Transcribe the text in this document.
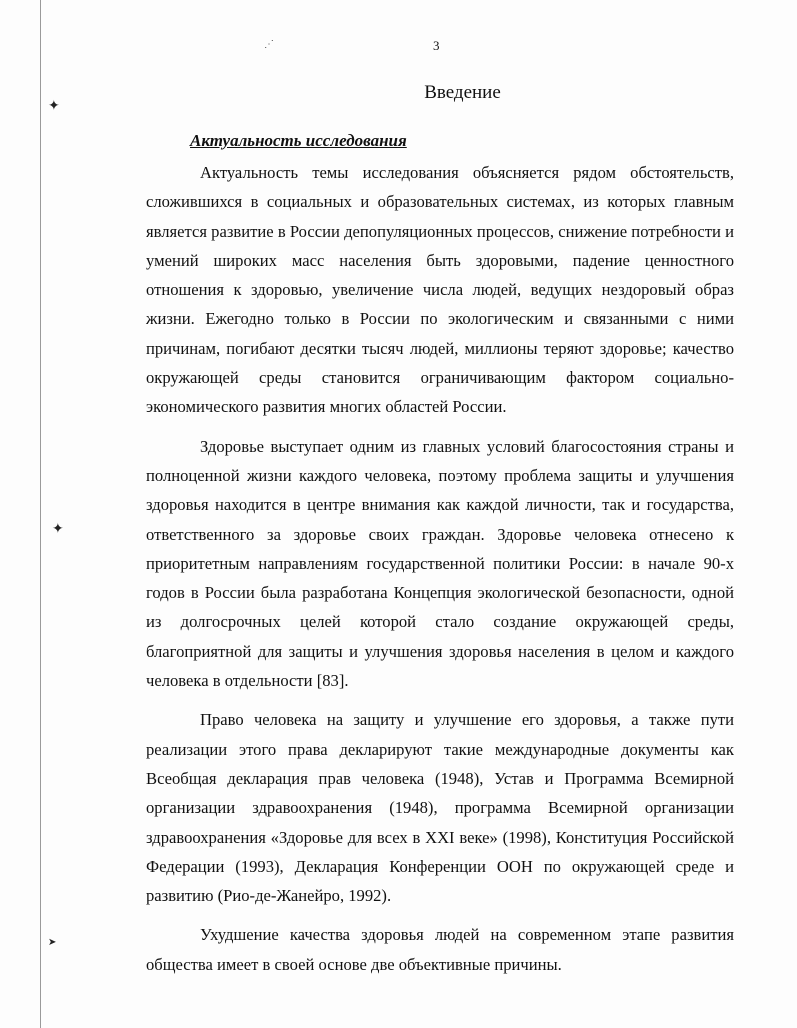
✦
✦
➤
⋰	3
Введение
Актуальность исследования

Актуальность темы исследования объясняется рядом обстоятельств, сложившихся в социальных и образовательных системах, из которых главным является развитие в России депопуляционных процессов, снижение потребности и умений широких масс населения быть здоровыми, падение ценностного отношения к здоровью, увеличение числа людей, ведущих нездоровый образ жизни. Ежегодно только в России по экологическим и связанными с ними причинам, погибают десятки тысяч людей, миллионы теряют здоровье; качество окружающей среды становится ограничивающим фактором социально-экономического развития многих областей России.

Здоровье выступает одним из главных условий благосостояния страны и полноценной жизни каждого человека, поэтому проблема защиты и улучшения здоровья находится в центре внимания как каждой личности, так и государства, ответственного за здоровье своих граждан. Здоровье человека отнесено к приоритетным направлениям государственной политики России: в начале 90-х годов в России была разработана Концепция экологической безопасности, одной из долгосрочных целей которой стало создание окружающей среды, благоприятной для защиты и улучшения здоровья населения в целом и каждого человека в отдельности [83].

Право человека на защиту и улучшение его здоровья, а также пути реализации этого права декларируют такие международные документы как Всеобщая декларация прав человека (1948), Устав и Программа Всемирной организации здравоохранения (1948), программа Всемирной организации здравоохранения «Здоровье для всех в XXI веке» (1998), Конституция Российской Федерации (1993), Декларация Конференции ООН по окружающей среде и развитию (Рио-де-Жанейро, 1992).

Ухудшение качества здоровья людей на современном этапе развития общества имеет в своей основе две объективные причины.
